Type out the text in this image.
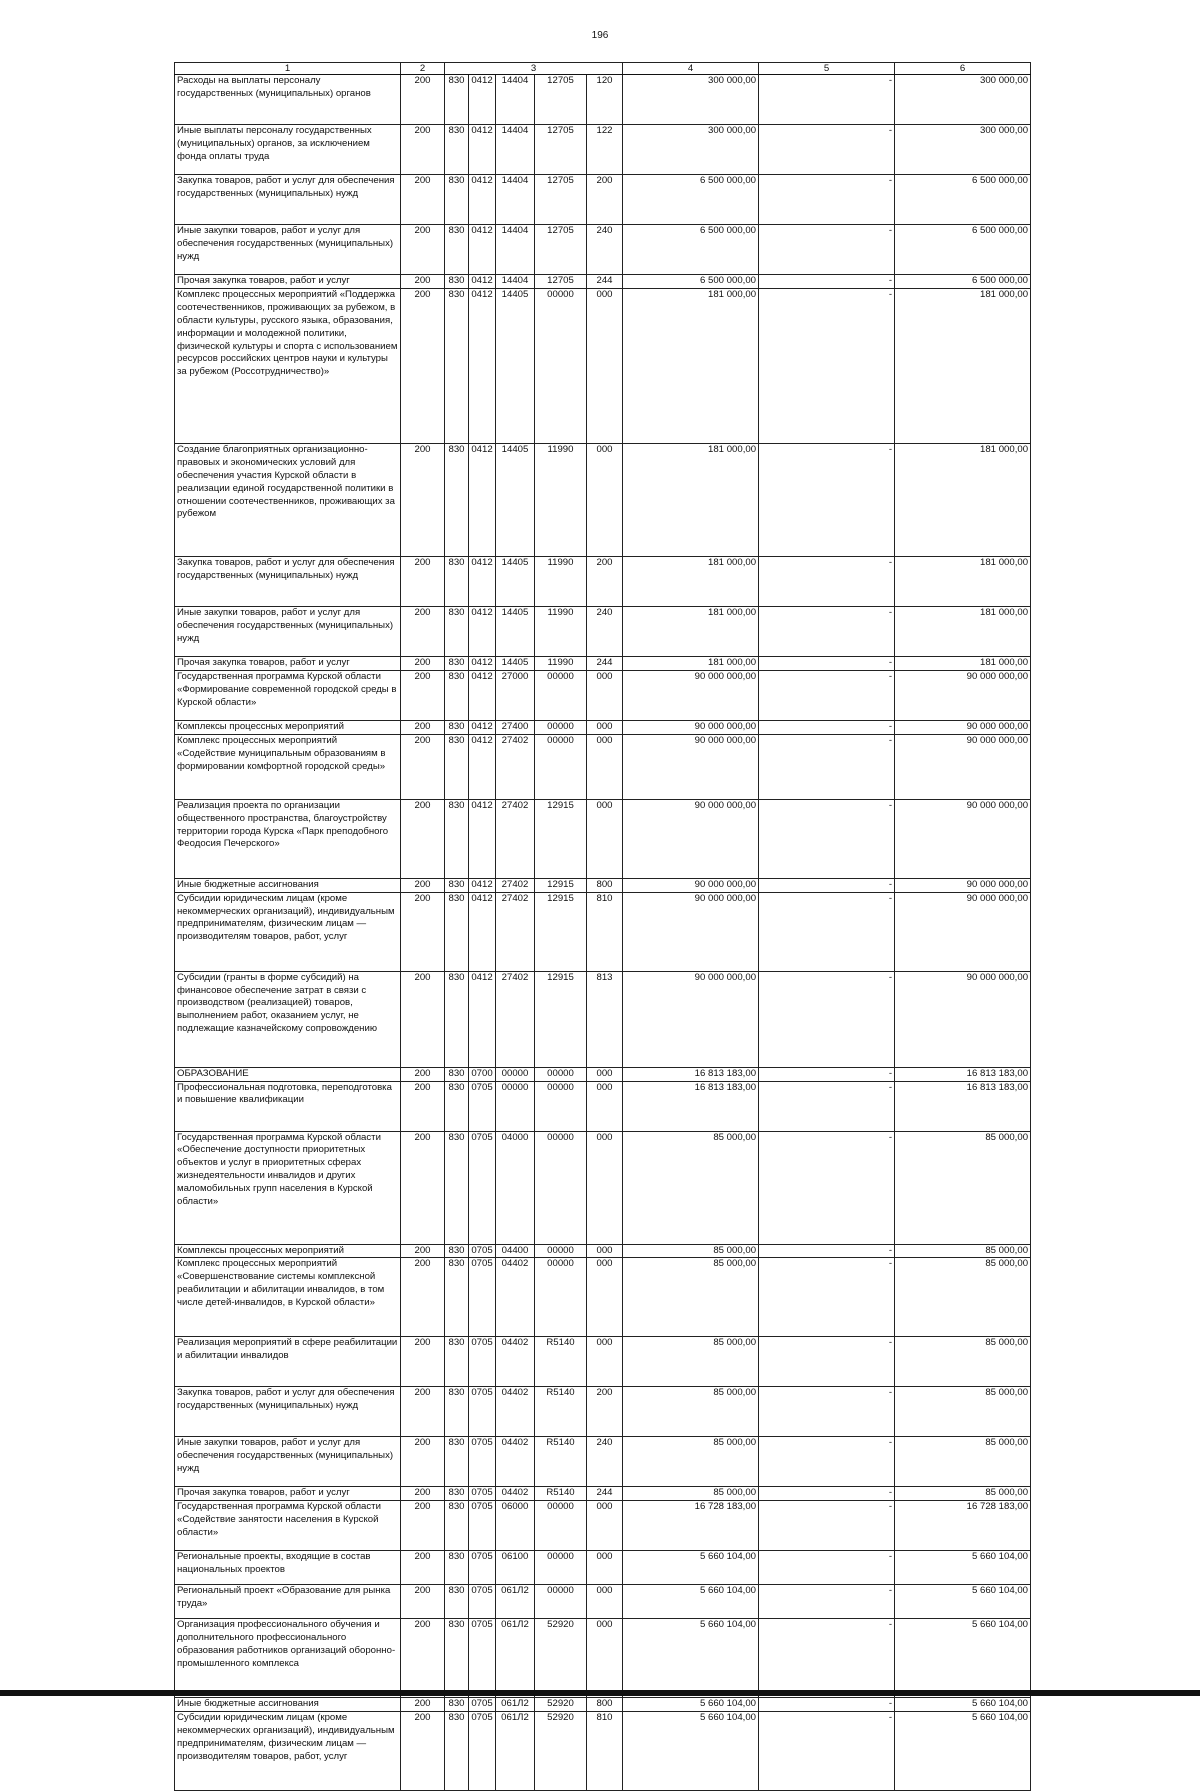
196
1	2	3					4	5	6
Расходы на выплаты персоналу государственных (муниципальных) органов	200	830	0412	14404	12705	120	300 000,00	-	300 000,00
Иные выплаты персоналу государственных (муниципальных) органов, за исключением фонда оплаты труда	200	830	0412	14404	12705	122	300 000,00	-	300 000,00
Закупка товаров, работ и услуг для обеспечения государственных (муниципальных) нужд	200	830	0412	14404	12705	200	6 500 000,00	-	6 500 000,00
Иные закупки товаров, работ и услуг для обеспечения государственных (муниципальных) нужд	200	830	0412	14404	12705	240	6 500 000,00	-	6 500 000,00
Прочая закупка товаров, работ и услуг	200	830	0412	14404	12705	244	6 500 000,00	-	6 500 000,00
Комплекс процессных мероприятий «Поддержка соотечественников, проживающих за рубежом, в области культуры, русского языка, образования, информации и молодежной политики, физической культуры и спорта с использованием ресурсов российских центров науки и культуры за рубежом (Россотрудничество)»	200	830	0412	14405	00000	000	181 000,00	-	181 000,00
Создание благоприятных организационно-правовых и экономических условий для обеспечения участия Курской области в реализации единой государственной политики в отношении соотечественников, проживающих за рубежом	200	830	0412	14405	11990	000	181 000,00	-	181 000,00
Закупка товаров, работ и услуг для обеспечения государственных (муниципальных) нужд	200	830	0412	14405	11990	200	181 000,00	-	181 000,00
Иные закупки товаров, работ и услуг для обеспечения государственных (муниципальных) нужд	200	830	0412	14405	11990	240	181 000,00	-	181 000,00
Прочая закупка товаров, работ и услуг	200	830	0412	14405	11990	244	181 000,00	-	181 000,00
Государственная программа Курской области «Формирование современной городской среды в Курской области»	200	830	0412	27000	00000	000	90 000 000,00	-	90 000 000,00
Комплексы процессных мероприятий	200	830	0412	27400	00000	000	90 000 000,00	-	90 000 000,00
Комплекс процессных мероприятий «Содействие муниципальным образованиям в формировании комфортной городской среды»	200	830	0412	27402	00000	000	90 000 000,00	-	90 000 000,00
Реализация проекта по организации общественного пространства, благоустройству территории города Курска «Парк преподобного Феодосия Печерского»	200	830	0412	27402	12915	000	90 000 000,00	-	90 000 000,00
Иные бюджетные ассигнования	200	830	0412	27402	12915	800	90 000 000,00	-	90 000 000,00
Субсидии юридическим лицам (кроме некоммерческих организаций), индивидуальным предпринимателям, физическим лицам — производителям товаров, работ, услуг	200	830	0412	27402	12915	810	90 000 000,00	-	90 000 000,00
Субсидии (гранты в форме субсидий) на финансовое обеспечение затрат в связи с производством (реализацией) товаров, выполнением работ, оказанием услуг, не подлежащие казначейскому сопровождению	200	830	0412	27402	12915	813	90 000 000,00	-	90 000 000,00
ОБРАЗОВАНИЕ	200	830	0700	00000	00000	000	16 813 183,00	-	16 813 183,00
Профессиональная подготовка, переподготовка и повышение квалификации	200	830	0705	00000	00000	000	16 813 183,00	-	16 813 183,00
Государственная программа Курской области «Обеспечение доступности приоритетных объектов и услуг в приоритетных сферах жизнедеятельности инвалидов и других маломобильных групп населения в Курской области»	200	830	0705	04000	00000	000	85 000,00	-	85 000,00
Комплексы процессных мероприятий	200	830	0705	04400	00000	000	85 000,00	-	85 000,00
Комплекс процессных мероприятий «Совершенствование системы комплексной реабилитации и абилитации инвалидов, в том числе детей-инвалидов, в Курской области»	200	830	0705	04402	00000	000	85 000,00	-	85 000,00
Реализация мероприятий в сфере реабилитации и абилитации инвалидов	200	830	0705	04402	R5140	000	85 000,00	-	85 000,00
Закупка товаров, работ и услуг для обеспечения государственных (муниципальных) нужд	200	830	0705	04402	R5140	200	85 000,00	-	85 000,00
Иные закупки товаров, работ и услуг для обеспечения государственных (муниципальных) нужд	200	830	0705	04402	R5140	240	85 000,00	-	85 000,00
Прочая закупка товаров, работ и услуг	200	830	0705	04402	R5140	244	85 000,00	-	85 000,00
Государственная программа Курской области «Содействие занятости населения в Курской области»	200	830	0705	06000	00000	000	16 728 183,00	-	16 728 183,00
Региональные проекты, входящие в состав национальных проектов	200	830	0705	06100	00000	000	5 660 104,00	-	5 660 104,00
Региональный проект «Образование для рынка труда»	200	830	0705	061Л2	00000	000	5 660 104,00	-	5 660 104,00
Организация профессионального обучения и дополнительного профессионального образования работников организаций оборонно-промышленного комплекса	200	830	0705	061Л2	52920	000	5 660 104,00	-	5 660 104,00
Иные бюджетные ассигнования	200	830	0705	061Л2	52920	800	5 660 104,00	-	5 660 104,00
Субсидии юридическим лицам (кроме некоммерческих организаций), индивидуальным предпринимателям, физическим лицам — производителям товаров, работ, услуг	200	830	0705	061Л2	52920	810	5 660 104,00	-	5 660 104,00
